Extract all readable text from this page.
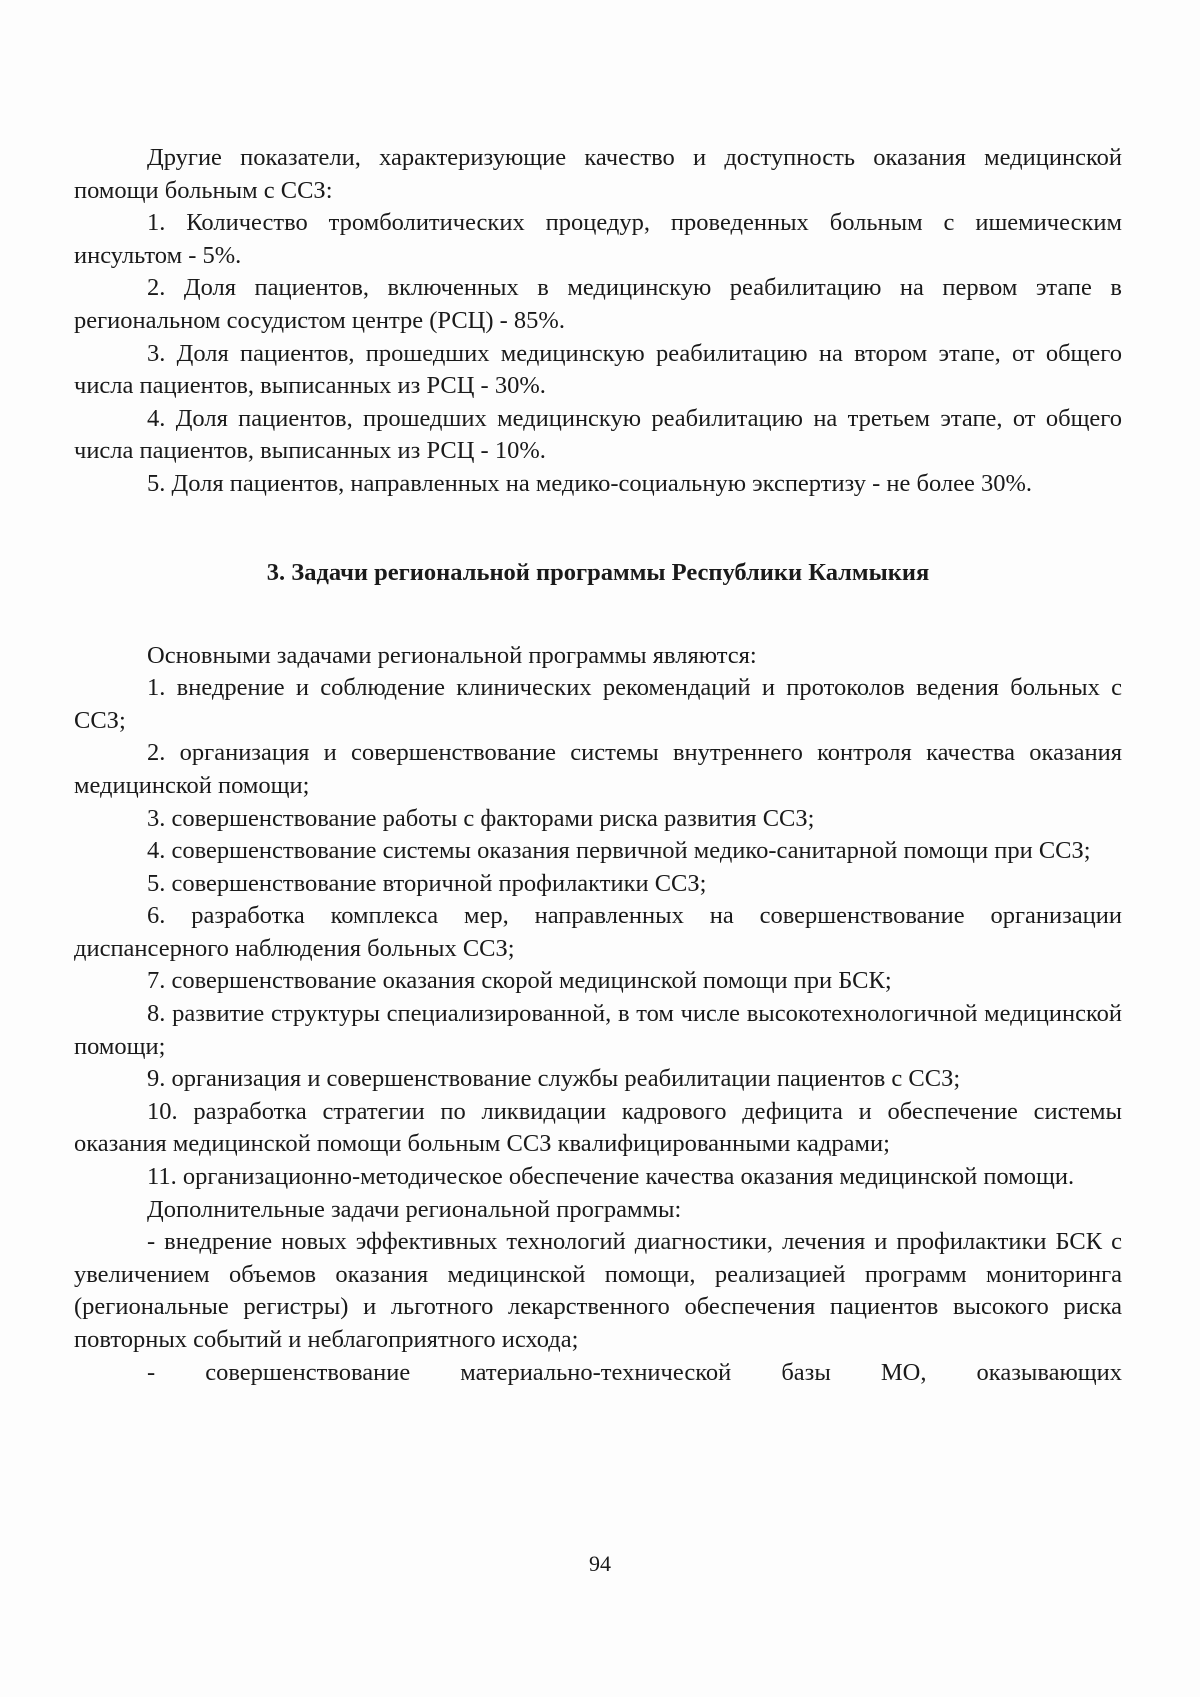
Другие показатели, характеризующие качество и доступность оказания медицинской помощи больным с ССЗ:

1. Количество тромболитических процедур, проведенных больным с ишемическим инсультом - 5%.

2. Доля пациентов, включенных в медицинскую реабилитацию на первом этапе в региональном сосудистом центре (РСЦ) - 85%.

3. Доля пациентов, прошедших медицинскую реабилитацию на втором этапе, от общего числа пациентов, выписанных из РСЦ - 30%.

4. Доля пациентов, прошедших медицинскую реабилитацию на третьем этапе, от общего числа пациентов, выписанных из РСЦ - 10%.

5. Доля пациентов, направленных на медико-социальную экспертизу - не более 30%.

3. Задачи региональной программы Республики Калмыкия

Основными задачами региональной программы являются:

1. внедрение и соблюдение клинических рекомендаций и протоколов ведения больных с ССЗ;

2. организация и совершенствование системы внутреннего контроля качества оказания медицинской помощи;

3. совершенствование работы с факторами риска развития ССЗ;

4. совершенствование системы оказания первичной медико-санитарной помощи при ССЗ;

5. совершенствование вторичной профилактики ССЗ;

6. разработка комплекса мер, направленных на совершенствование организации диспансерного наблюдения больных ССЗ;

7. совершенствование оказания скорой медицинской помощи при БСК;

8. развитие структуры специализированной, в том числе высокотехнологичной медицинской помощи;

9. организация и совершенствование службы реабилитации пациентов с ССЗ;

10. разработка стратегии по ликвидации кадрового дефицита и обеспечение системы оказания медицинской помощи больным ССЗ квалифицированными кадрами;

11. организационно-методическое обеспечение качества оказания медицинской помощи.

Дополнительные задачи региональной программы:

- внедрение новых эффективных технологий диагностики, лечения и профилактики БСК с увеличением объемов оказания медицинской помощи, реализацией программ мониторинга (региональные регистры) и льготного лекарственного обеспечения пациентов высокого риска повторных событий и неблагоприятного исхода;

- совершенствование материально-технической базы МО, оказывающих

94
